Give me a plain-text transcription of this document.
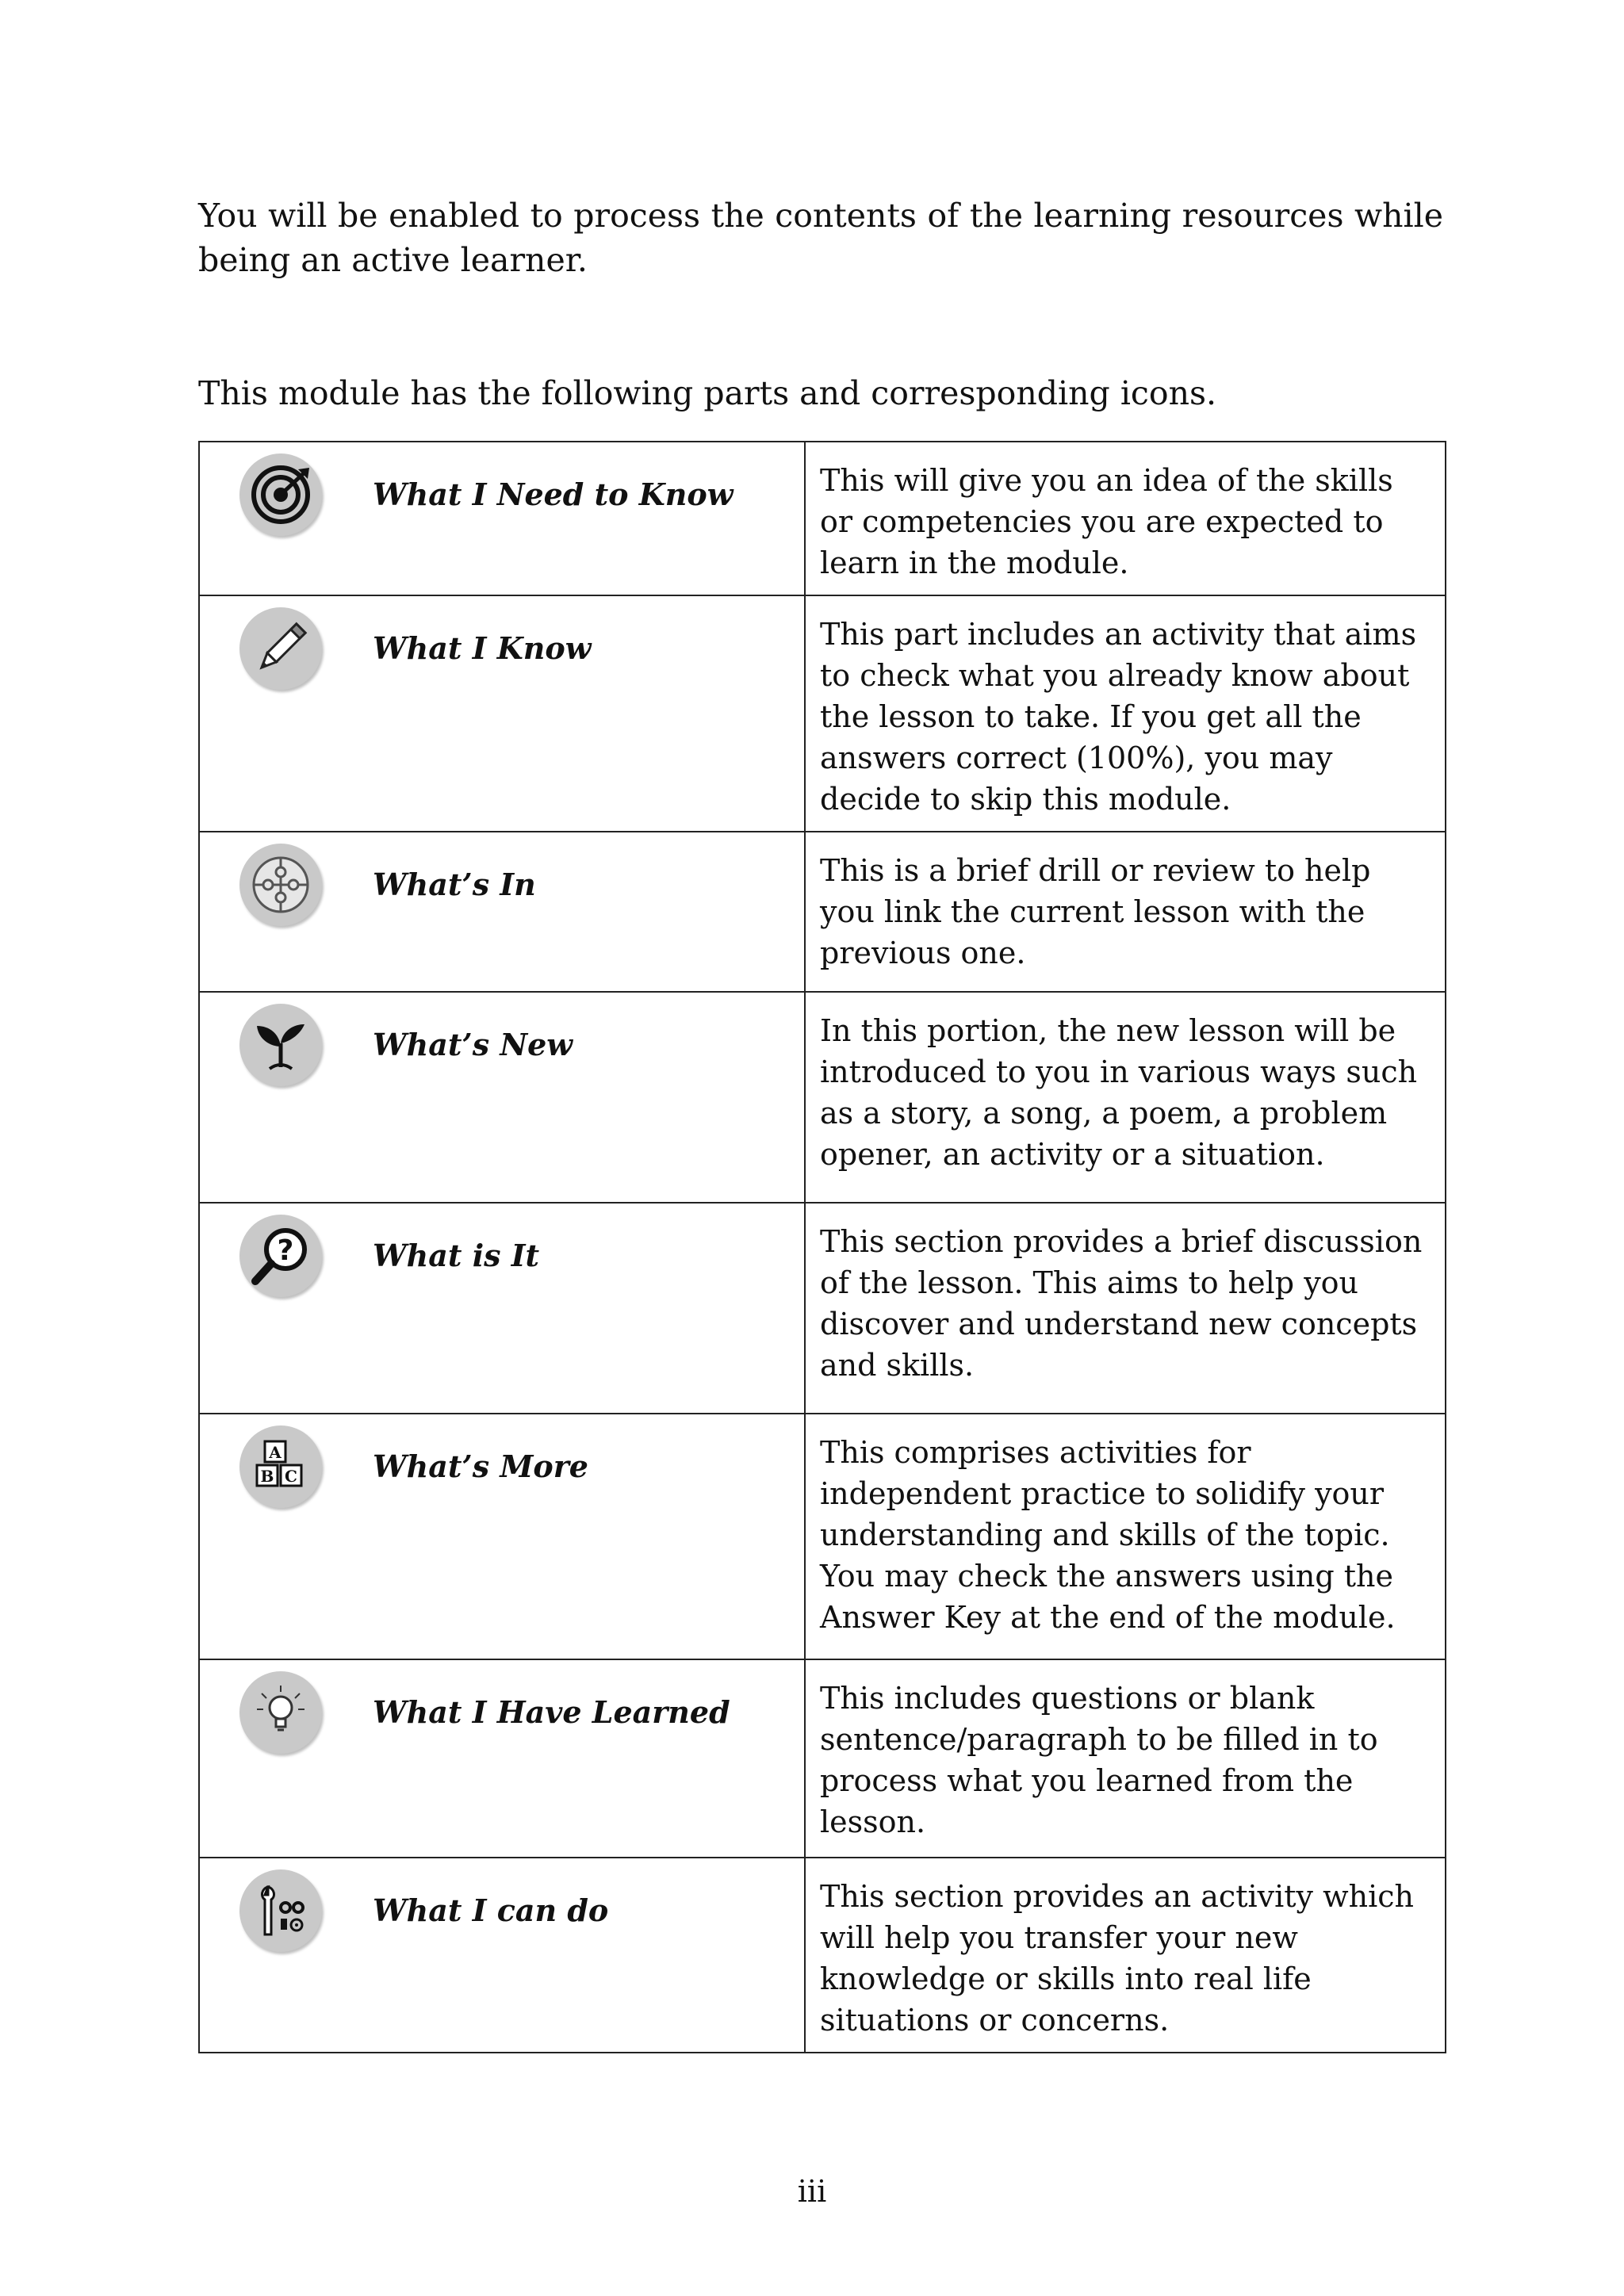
You will be enabled to process the contents of the learning resources while being an active learner.

This module has the following parts and corresponding icons.

What I Need to Know	This will give you an idea of the skills or competencies you are expected to learn in the module.

What I Know	This part includes an activity that aims to check what you already know about the lesson to take. If you get all the answers correct (100%), you may decide to skip this module.

What’s In	This is a brief drill or review to help you link the current lesson with the previous one.

What’s New	In this portion, the new lesson will be introduced to you in various ways such as a story, a song, a poem, a problem opener, an activity or a situation.

? What is It	This section provides a brief discussion of the lesson. This aims to help you discover and understand new concepts and skills.

A
B C What’s More	This comprises activities for independent practice to solidify your understanding and skills of the topic. You may check the answers using the Answer Key at the end of the module.

What I Have Learned	This includes questions or blank sentence/paragraph to be filled in to process what you learned from the lesson.

What I can do	This section provides an activity which will help you transfer your new knowledge or skills into real life situations or concerns.
iii
